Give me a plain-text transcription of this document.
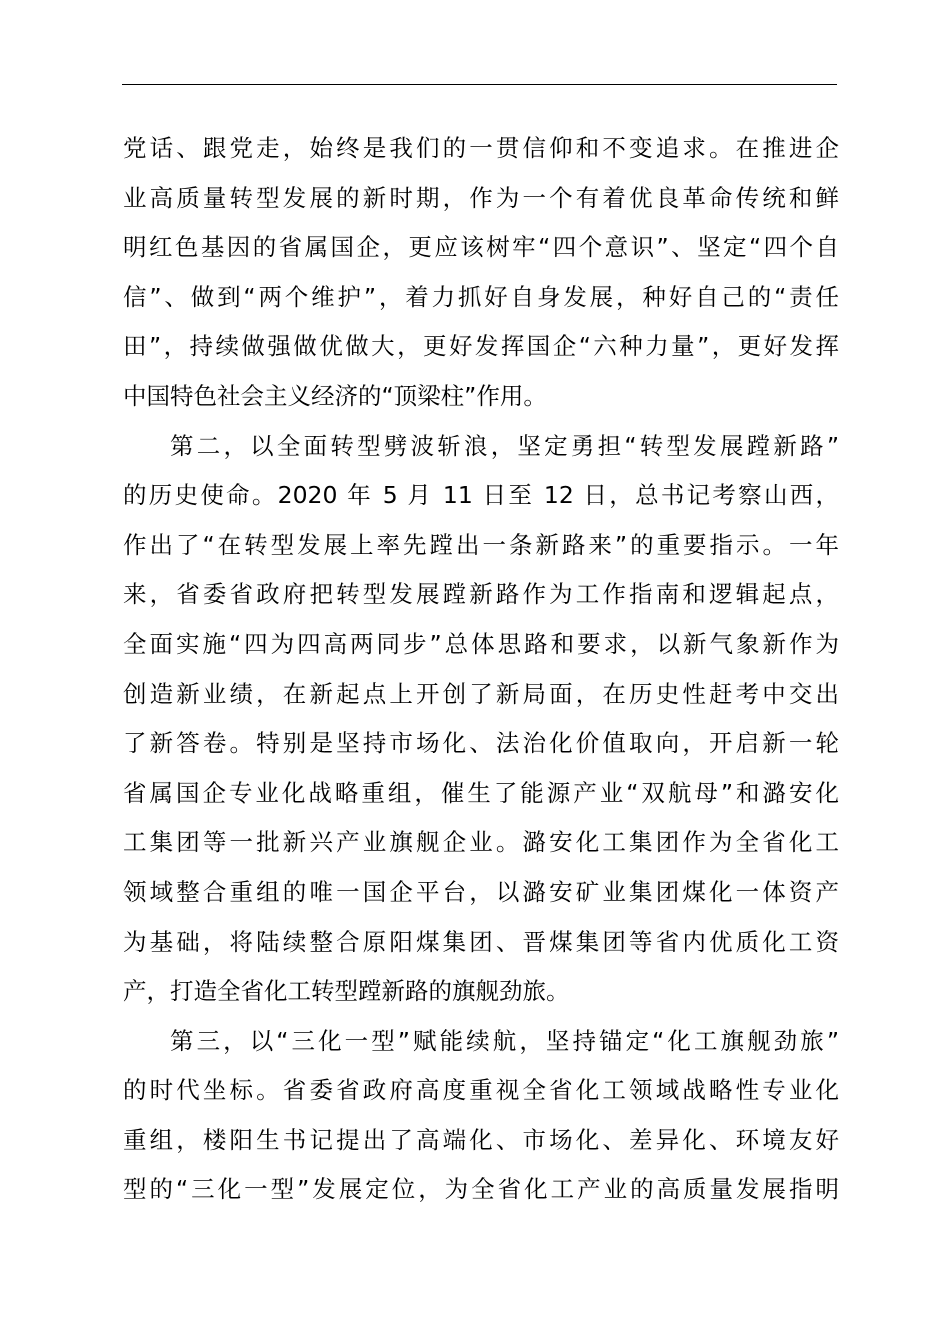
党话、跟党走，始终是我们的一贯信仰和不变追求。在推进企
业高质量转型发展的新时期，作为一个有着优良革命传统和鲜
明红色基因的省属国企，更应该树牢“四个意识”、坚定“四个自
信”、做到“两个维护”，着力抓好自身发展，种好自己的“责任
田”，持续做强做优做大，更好发挥国企“六种力量”，更好发挥
中国特色社会主义经济的“顶梁柱”作用。
第二，以全面转型劈波斩浪，坚定勇担“转型发展蹚新路”
的历史使命。2020 年 5 月 11 日至 12 日，总书记考察山西，
作出了“在转型发展上率先蹚出一条新路来”的重要指示。一年
来，省委省政府把转型发展蹚新路作为工作指南和逻辑起点，
全面实施“四为四高两同步”总体思路和要求，以新气象新作为
创造新业绩，在新起点上开创了新局面，在历史性赶考中交出
了新答卷。特别是坚持市场化、法治化价值取向，开启新一轮
省属国企专业化战略重组，催生了能源产业“双航母”和潞安化
工集团等一批新兴产业旗舰企业。潞安化工集团作为全省化工
领域整合重组的唯一国企平台，以潞安矿业集团煤化一体资产
为基础，将陆续整合原阳煤集团、晋煤集团等省内优质化工资
产，打造全省化工转型蹚新路的旗舰劲旅。
第三，以“三化一型”赋能续航，坚持锚定“化工旗舰劲旅”
的时代坐标。省委省政府高度重视全省化工领域战略性专业化
重组，楼阳生书记提出了高端化、市场化、差异化、环境友好
型的“三化一型”发展定位，为全省化工产业的高质量发展指明
